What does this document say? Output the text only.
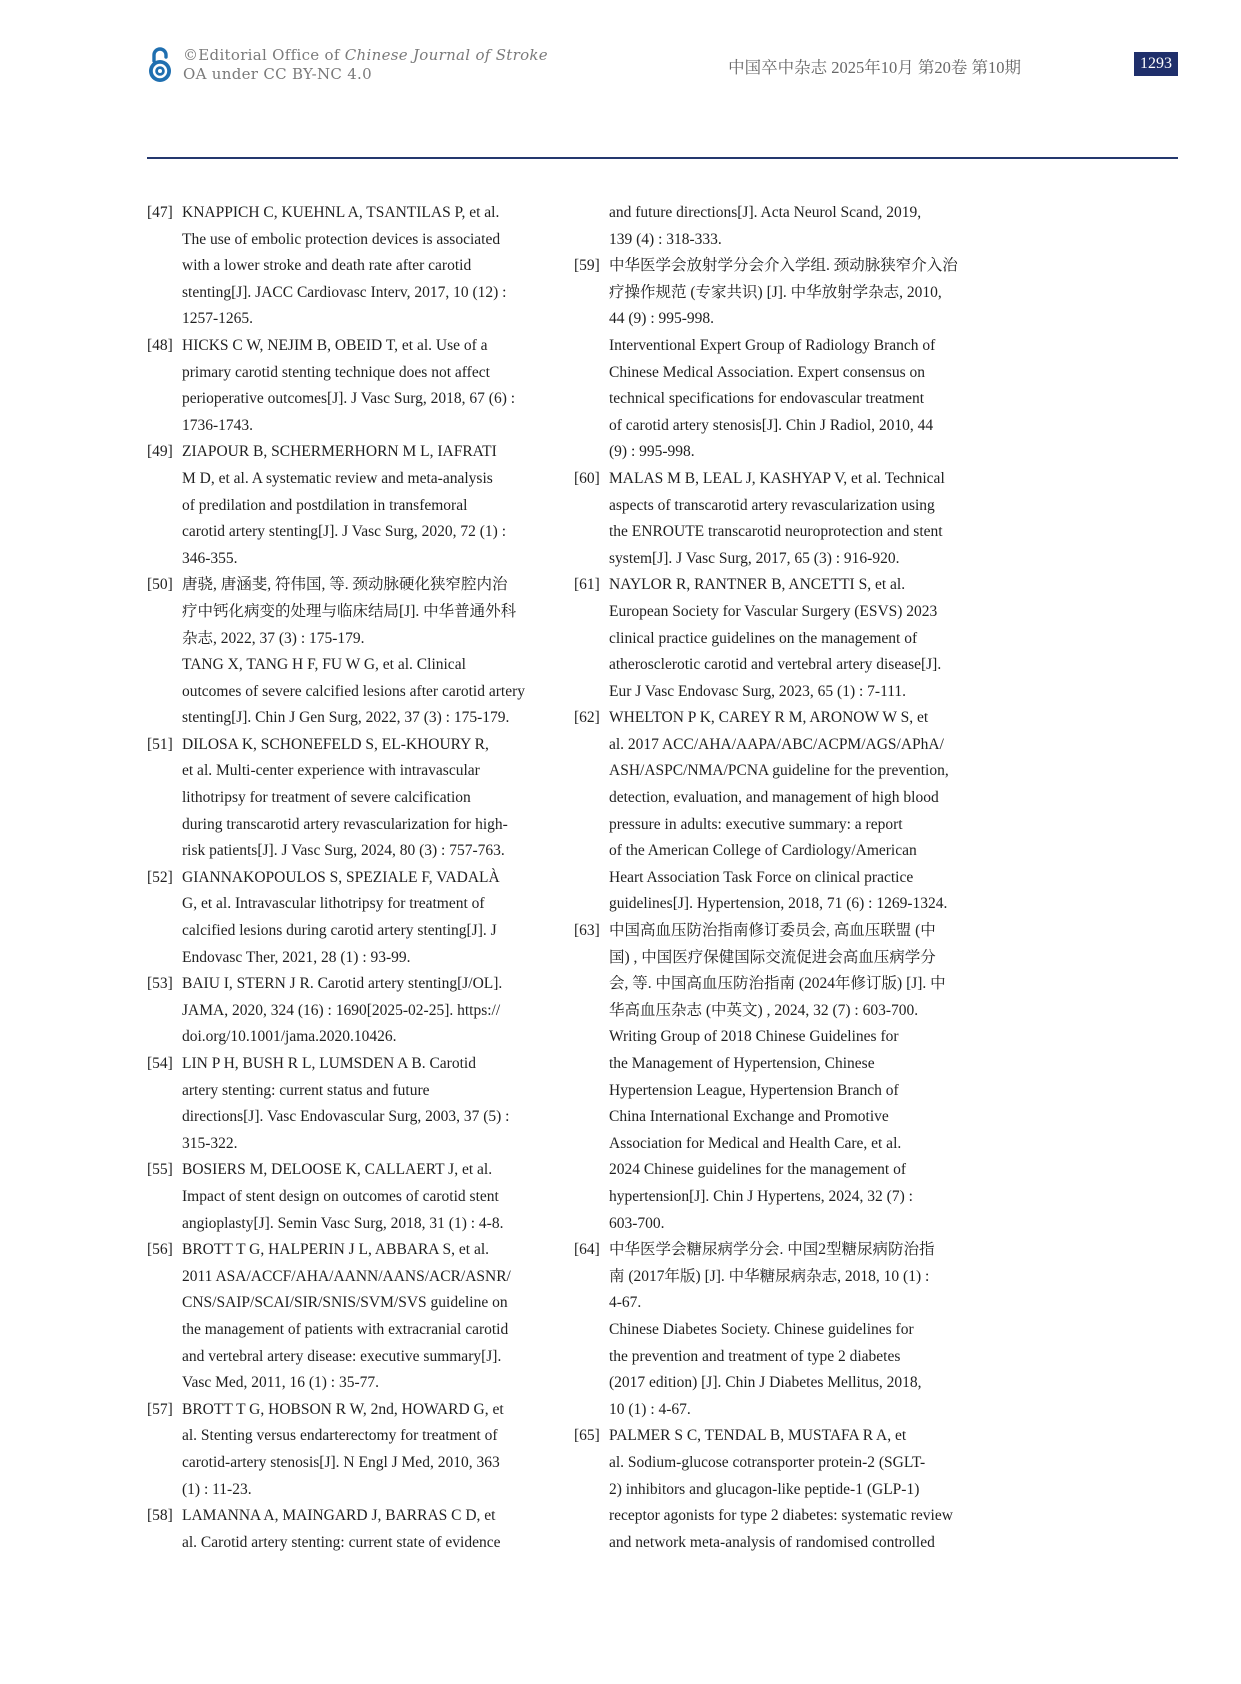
©Editorial Office of Chinese Journal of Stroke
OA under CC BY-NC 4.0	中国卒中杂志 2025年10月 第20卷 第10期	1293
[47] KNAPPICH C, KUEHNL A, TSANTILAS P, et al.
The use of embolic protection devices is associated
with a lower stroke and death rate after carotid
stenting[J]. JACC Cardiovasc Interv, 2017, 10 (12) :
1257-1265.
[48] HICKS C W, NEJIM B, OBEID T, et al. Use of a
primary carotid stenting technique does not affect
perioperative outcomes[J]. J Vasc Surg, 2018, 67 (6) :
1736-1743.
[49] ZIAPOUR B, SCHERMERHORN M L, IAFRATI
M D, et al. A systematic review and meta-analysis
of predilation and postdilation in transfemoral
carotid artery stenting[J]. J Vasc Surg, 2020, 72 (1) :
346-355.
[50] 唐骁, 唐涵斐, 符伟国, 等. 颈动脉硬化狭窄腔内治
疗中钙化病变的处理与临床结局[J]. 中华普通外科
杂志, 2022, 37 (3) : 175-179.
TANG X, TANG H F, FU W G, et al. Clinical
outcomes of severe calcified lesions after carotid artery
stenting[J]. Chin J Gen Surg, 2022, 37 (3) : 175-179.
[51] DILOSA K, SCHONEFELD S, EL-KHOURY R,
et al. Multi-center experience with intravascular
lithotripsy for treatment of severe calcification
during transcarotid artery revascularization for high-
risk patients[J]. J Vasc Surg, 2024, 80 (3) : 757-763.
[52] GIANNAKOPOULOS S, SPEZIALE F, VADALÀ
G, et al. Intravascular lithotripsy for treatment of
calcified lesions during carotid artery stenting[J]. J
Endovasc Ther, 2021, 28 (1) : 93-99.
[53] BAIU I, STERN J R. Carotid artery stenting[J/OL].
JAMA, 2020, 324 (16) : 1690[2025-02-25]. https://
doi.org/10.1001/jama.2020.10426.
[54] LIN P H, BUSH R L, LUMSDEN A B. Carotid
artery stenting: current status and future
directions[J]. Vasc Endovascular Surg, 2003, 37 (5) :
315-322.
[55] BOSIERS M, DELOOSE K, CALLAERT J, et al.
Impact of stent design on outcomes of carotid stent
angioplasty[J]. Semin Vasc Surg, 2018, 31 (1) : 4-8.
[56] BROTT T G, HALPERIN J L, ABBARA S, et al.
2011 ASA/ACCF/AHA/AANN/AANS/ACR/ASNR/
CNS/SAIP/SCAI/SIR/SNIS/SVM/SVS guideline on
the management of patients with extracranial carotid
and vertebral artery disease: executive summary[J].
Vasc Med, 2011, 16 (1) : 35-77.
[57] BROTT T G, HOBSON R W, 2nd, HOWARD G, et
al. Stenting versus endarterectomy for treatment of
carotid-artery stenosis[J]. N Engl J Med, 2010, 363
(1) : 11-23.
[58] LAMANNA A, MAINGARD J, BARRAS C D, et
al. Carotid artery stenting: current state of evidence
and future directions[J]. Acta Neurol Scand, 2019,
139 (4) : 318-333.
[59] 中华医学会放射学分会介入学组. 颈动脉狭窄介入治
疗操作规范 (专家共识) [J]. 中华放射学杂志, 2010,
44 (9) : 995-998.
Interventional Expert Group of Radiology Branch of
Chinese Medical Association. Expert consensus on
technical specifications for endovascular treatment
of carotid artery stenosis[J]. Chin J Radiol, 2010, 44
(9) : 995-998.
[60] MALAS M B, LEAL J, KASHYAP V, et al. Technical
aspects of transcarotid artery revascularization using
the ENROUTE transcarotid neuroprotection and stent
system[J]. J Vasc Surg, 2017, 65 (3) : 916-920.
[61] NAYLOR R, RANTNER B, ANCETTI S, et al.
European Society for Vascular Surgery (ESVS) 2023
clinical practice guidelines on the management of
atherosclerotic carotid and vertebral artery disease[J].
Eur J Vasc Endovasc Surg, 2023, 65 (1) : 7-111.
[62] WHELTON P K, CAREY R M, ARONOW W S, et
al. 2017 ACC/AHA/AAPA/ABC/ACPM/AGS/APhA/
ASH/ASPC/NMA/PCNA guideline for the prevention,
detection, evaluation, and management of high blood
pressure in adults: executive summary: a report
of the American College of Cardiology/American
Heart Association Task Force on clinical practice
guidelines[J]. Hypertension, 2018, 71 (6) : 1269-1324.
[63] 中国高血压防治指南修订委员会, 高血压联盟 (中
国) , 中国医疗保健国际交流促进会高血压病学分
会, 等. 中国高血压防治指南 (2024年修订版) [J]. 中
华高血压杂志 (中英文) , 2024, 32 (7) : 603-700.
Writing Group of 2018 Chinese Guidelines for
the Management of Hypertension, Chinese
Hypertension League, Hypertension Branch of
China International Exchange and Promotive
Association for Medical and Health Care, et al.
2024 Chinese guidelines for the management of
hypertension[J]. Chin J Hypertens, 2024, 32 (7) :
603-700.
[64] 中华医学会糖尿病学分会. 中国2型糖尿病防治指
南 (2017年版) [J]. 中华糖尿病杂志, 2018, 10 (1) :
4-67.
Chinese Diabetes Society. Chinese guidelines for
the prevention and treatment of type 2 diabetes
(2017 edition) [J]. Chin J Diabetes Mellitus, 2018,
10 (1) : 4-67.
[65] PALMER S C, TENDAL B, MUSTAFA R A, et
al. Sodium-glucose cotransporter protein-2 (SGLT-
2) inhibitors and glucagon-like peptide-1 (GLP-1)
receptor agonists for type 2 diabetes: systematic review
and network meta-analysis of randomised controlled
